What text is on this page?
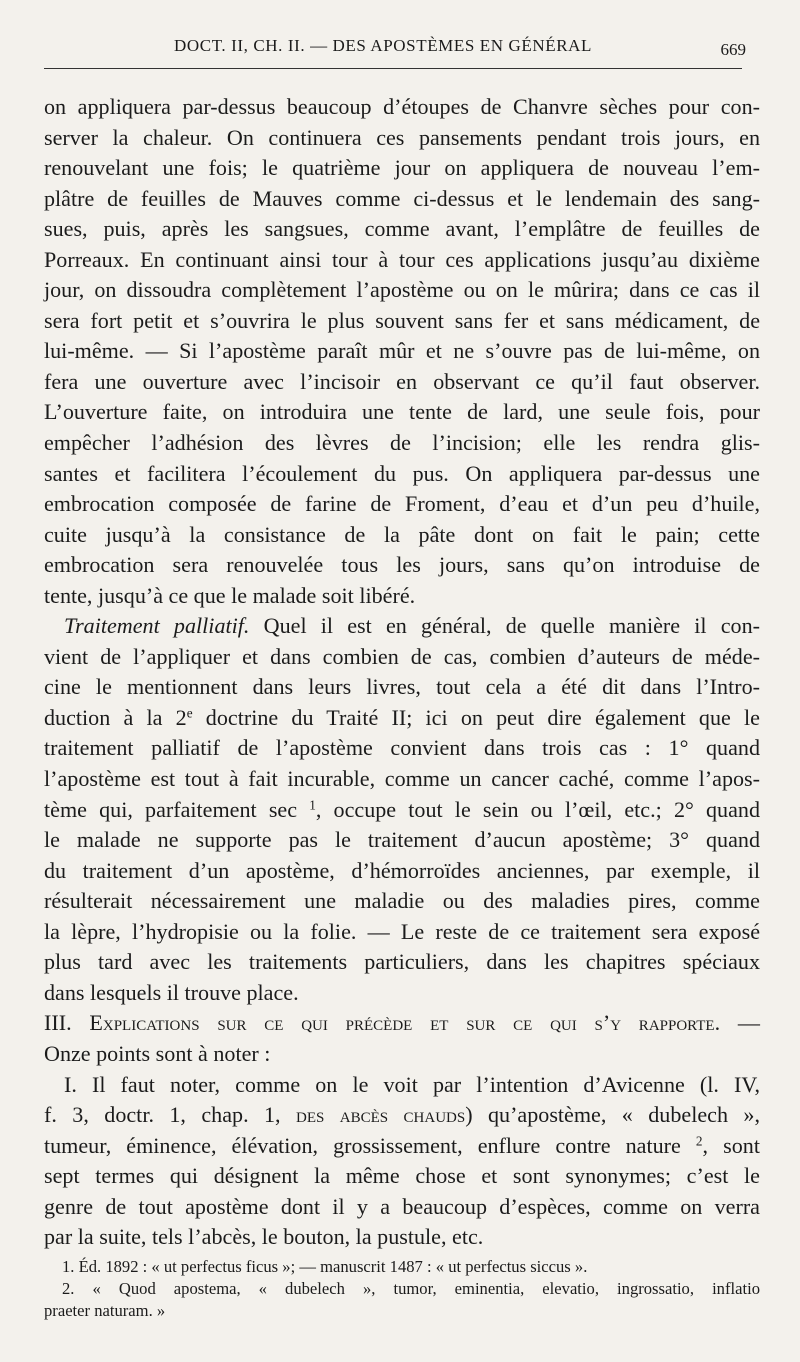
DOCT. II, CH. II. — DES APOSTÈMES EN GÉNÉRAL	669

on appliquera par-dessus beaucoup d’étoupes de Chanvre sèches pour con-

server la chaleur. On continuera ces pansements pendant trois jours, en

renouvelant une fois; le quatrième jour on appliquera de nouveau l’em-

plâtre de feuilles de Mauves comme ci-dessus et le lendemain des sang-

sues, puis, après les sangsues, comme avant, l’emplâtre de feuilles de

Porreaux. En continuant ainsi tour à tour ces applications jusqu’au dixième

jour, on dissoudra complètement l’apostème ou on le mûrira; dans ce cas il

sera fort petit et s’ouvrira le plus souvent sans fer et sans médicament, de

lui-même. — Si l’apostème paraît mûr et ne s’ouvre pas de lui-même, on

fera une ouverture avec l’incisoir en observant ce qu’il faut observer.

L’ouverture faite, on introduira une tente de lard, une seule fois, pour

empêcher l’adhésion des lèvres de l’incision; elle les rendra glis-

santes et facilitera l’écoulement du pus. On appliquera par-dessus une

embrocation composée de farine de Froment, d’eau et d’un peu d’huile,

cuite jusqu’à la consistance de la pâte dont on fait le pain; cette

embrocation sera renouvelée tous les jours, sans qu’on introduise de

tente, jusqu’à ce que le malade soit libéré.

Traitement palliatif. Quel il est en général, de quelle manière il con-

vient de l’appliquer et dans combien de cas, combien d’auteurs de méde-

cine le mentionnent dans leurs livres, tout cela a été dit dans l’Intro-

duction à la 2e doctrine du Traité II; ici on peut dire également que le

traitement palliatif de l’apostème convient dans trois cas : 1° quand

l’apostème est tout à fait incurable, comme un cancer caché, comme l’apos-

tème qui, parfaitement sec $^1$, occupe tout le sein ou l’œil, etc.; 2° quand

le malade ne supporte pas le traitement d’aucun apostème; 3° quand

du traitement d’un apostème, d’hémorroïdes anciennes, par exemple, il

résulterait nécessairement une maladie ou des maladies pires, comme

la lèpre, l’hydropisie ou la folie. — Le reste de ce traitement sera exposé

plus tard avec les traitements particuliers, dans les chapitres spéciaux

dans lesquels il trouve place.

III. Explications sur ce qui précède et sur ce qui s’y rapporte. —

Onze points sont à noter :

I. Il faut noter, comme on le voit par l’intention d’Avicenne (l. IV,

f. 3, doctr. 1, chap. 1, des abcès chauds) qu’apostème, « dubelech »,

tumeur, éminence, élévation, grossissement, enflure contre nature $^2$, sont

sept termes qui désignent la même chose et sont synonymes; c’est le

genre de tout apostème dont il y a beaucoup d’espèces, comme on verra

par la suite, tels l’abcès, le bouton, la pustule, etc.

1. Éd. 1892 : « ut perfectus ficus »; — manuscrit 1487 : « ut perfectus siccus ».

2. « Quod apostema, « dubelech », tumor, eminentia, elevatio, ingrossatio, inflatio

praeter naturam. »
